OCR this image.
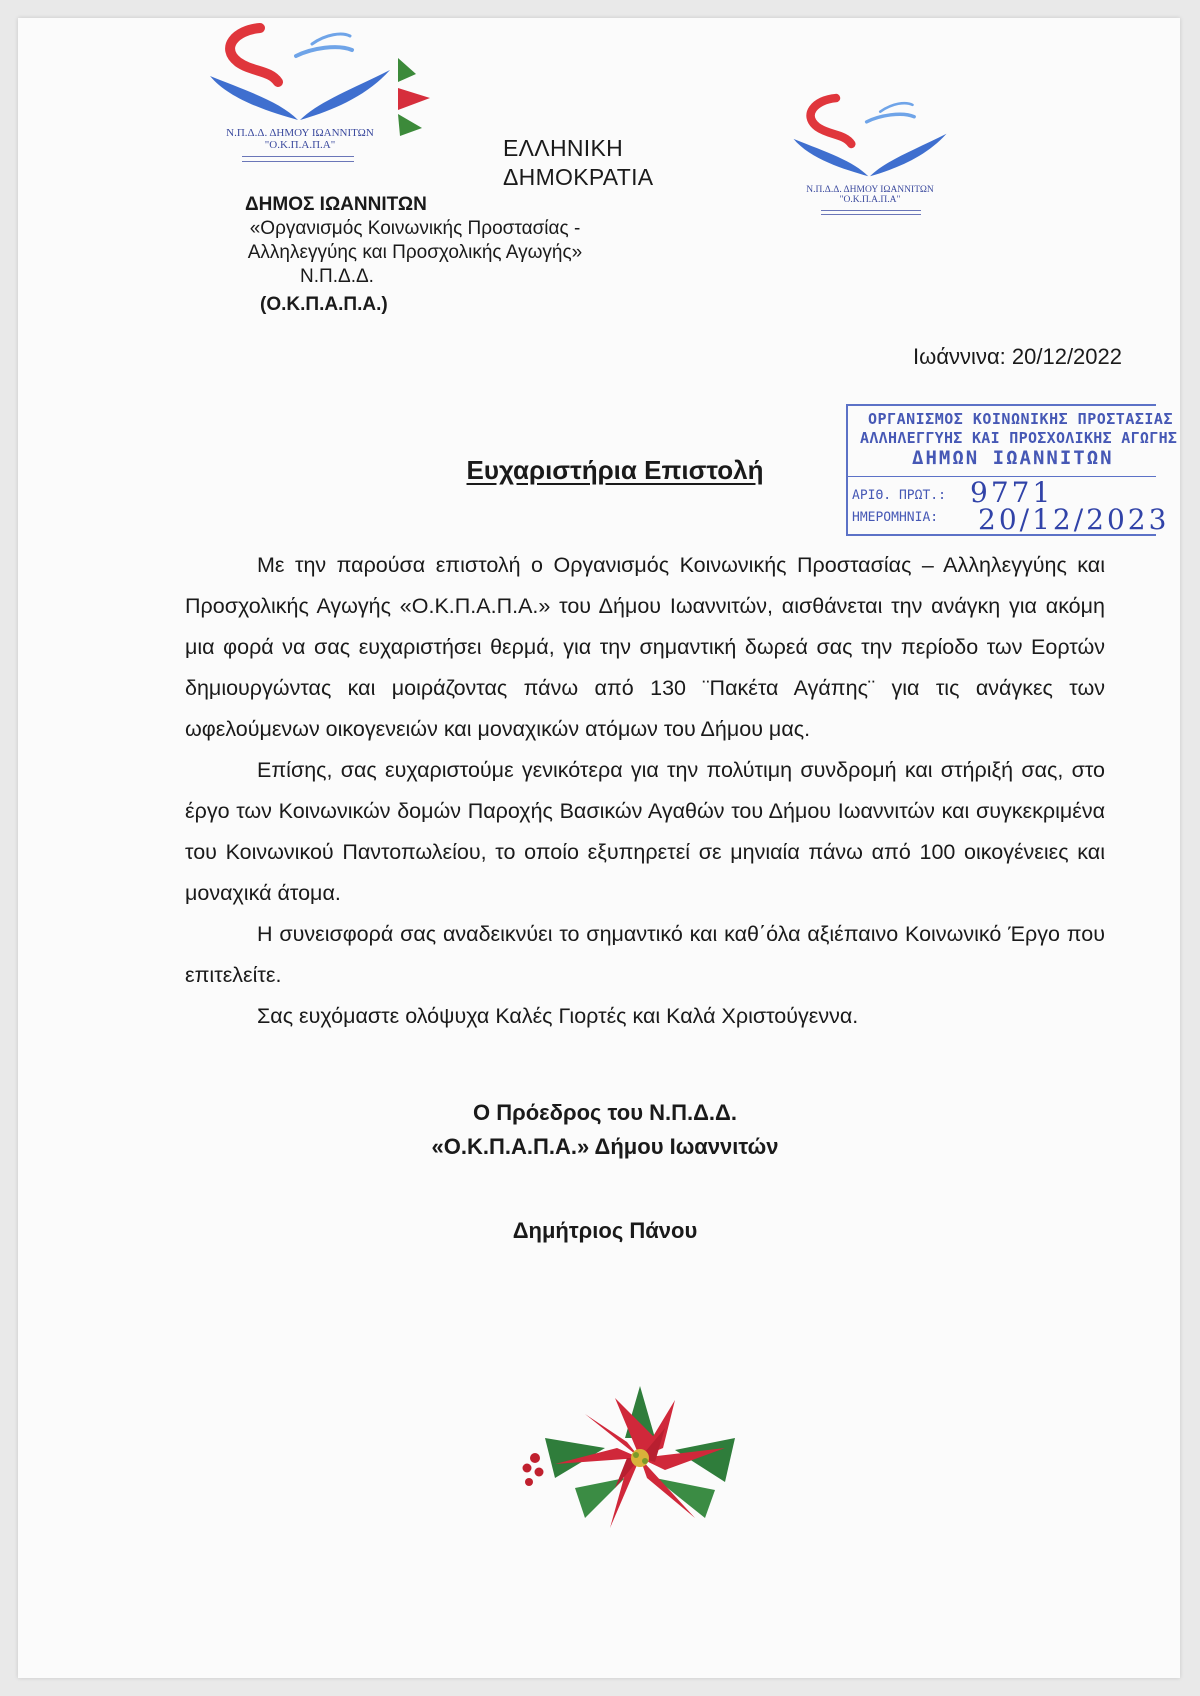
Ν.Π.Δ.Δ. ΔΗΜΟΥ ΙΩΑΝΝΙΤΩΝ
"Ο.Κ.Π.Α.Π.Α"
Ν.Π.Δ.Δ. ΔΗΜΟΥ ΙΩΑΝΝΙΤΩΝ
"Ο.Κ.Π.Α.Π.Α"
ΕΛΛΗΝΙΚΗ
ΔΗΜΟΚΡΑΤΙΑ
ΔΗΜΟΣ ΙΩΑΝΝΙΤΩΝ
«Οργανισμός Κοινωνικής Προστασίας -
Αλληλεγγύης και Προσχολικής Αγωγής»
Ν.Π.Δ.Δ.
(Ο.Κ.Π.Α.Π.Α.)
Ιωάννινα: 20/12/2022
ΟΡΓΑΝΙΣΜΟΣ ΚΟΙΝΩΝΙΚΗΣ ΠΡΟΣΤΑΣΙΑΣ
ΑΛΛΗΛΕΓΓΥΗΣ ΚΑΙ ΠΡΟΣΧΟΛΙΚΗΣ ΑΓΩΓΗΣ
ΔΗΜΩΝ ΙΩΑΝΝΙΤΩΝ
ΑΡΙΘ. ΠΡΩΤ.: 9771
ΗΜΕΡΟΜΗΝΙΑ: 20/12/2023
Ευχαριστήρια Επιστολή

Με την παρούσα επιστολή ο Οργανισμός Κοινωνικής Προστασίας – Αλληλεγγύης και Προσχολικής Αγωγής «Ο.Κ.Π.Α.Π.Α.» του Δήμου Ιωαννιτών, αισθάνεται την ανάγκη για ακόμη μια φορά να σας ευχαριστήσει θερμά, για την σημαντική δωρεά σας την περίοδο των Εορτών δημιουργώντας και μοιράζοντας πάνω από 130 ¨Πακέτα Αγάπης¨ για τις ανάγκες των ωφελούμενων οικογενειών και μοναχικών ατόμων του Δήμου μας.

Επίσης, σας ευχαριστούμε γενικότερα για την πολύτιμη συνδρομή και στήριξή σας, στο έργο των Κοινωνικών δομών Παροχής Βασικών Αγαθών του Δήμου Ιωαννιτών και συγκεκριμένα του Κοινωνικού Παντοπωλείου, το οποίο εξυπηρετεί σε μηνιαία πάνω από 100 οικογένειες και μοναχικά άτομα.

Η συνεισφορά σας αναδεικνύει το σημαντικό και καθ΄όλα αξιέπαινο Κοινωνικό Έργο που επιτελείτε.

Σας ευχόμαστε ολόψυχα Καλές Γιορτές και Καλά Χριστούγεννα.

Ο Πρόεδρος του Ν.Π.Δ.Δ.
«Ο.Κ.Π.Α.Π.Α.» Δήμου Ιωαννιτών
Δημήτριος Πάνου
